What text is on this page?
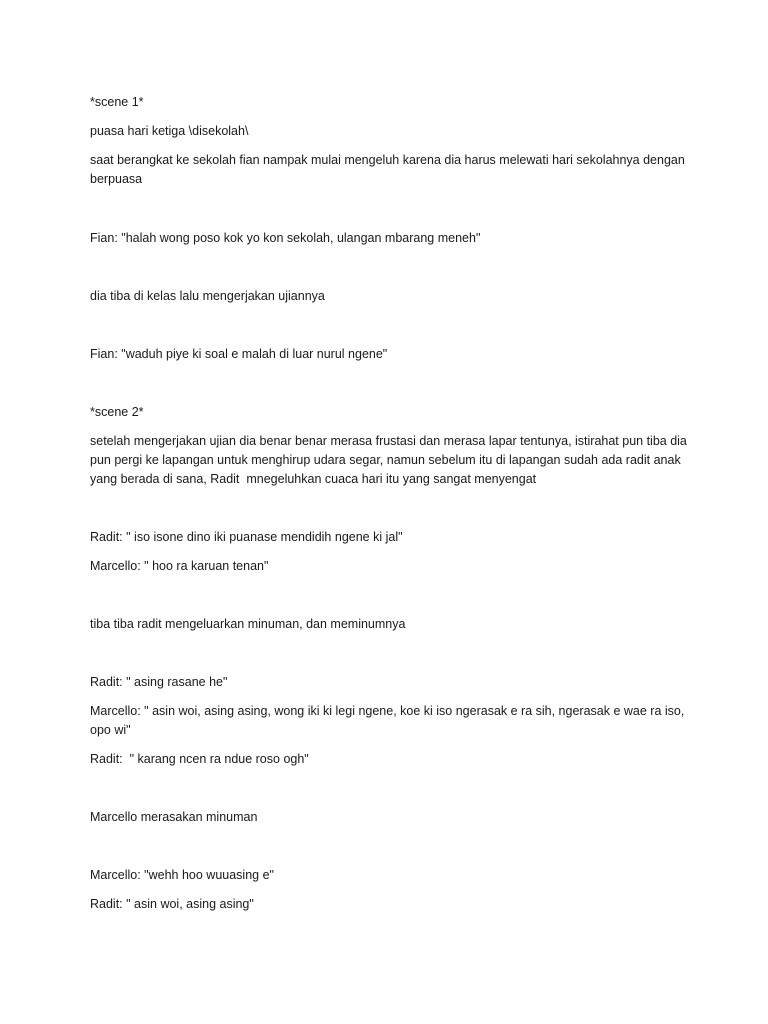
*scene 1*

puasa hari ketiga \disekolah\

saat berangkat ke sekolah fian nampak mulai mengeluh karena dia harus melewati hari sekolahnya dengan berpuasa

Fian: "halah wong poso kok yo kon sekolah, ulangan mbarang meneh"

dia tiba di kelas lalu mengerjakan ujiannya

Fian: "waduh piye ki soal e malah di luar nurul ngene"

*scene 2*

setelah mengerjakan ujian dia benar benar merasa frustasi dan merasa lapar tentunya, istirahat pun tiba dia pun pergi ke lapangan untuk menghirup udara segar, namun sebelum itu di lapangan sudah ada radit anak yang berada di sana, Radit  mnegeluhkan cuaca hari itu yang sangat menyengat

Radit: " iso isone dino iki puanase mendidih ngene ki jal"

Marcello: " hoo ra karuan tenan"

tiba tiba radit mengeluarkan minuman, dan meminumnya

Radit: " asing rasane he"

Marcello: " asin woi, asing asing, wong iki ki legi ngene, koe ki iso ngerasak e ra sih, ngerasak e wae ra iso, opo wi"

Radit:  " karang ncen ra ndue roso ogh"

Marcello merasakan minuman

Marcello: "wehh hoo wuuasing e"

Radit: " asin woi, asing asing"
